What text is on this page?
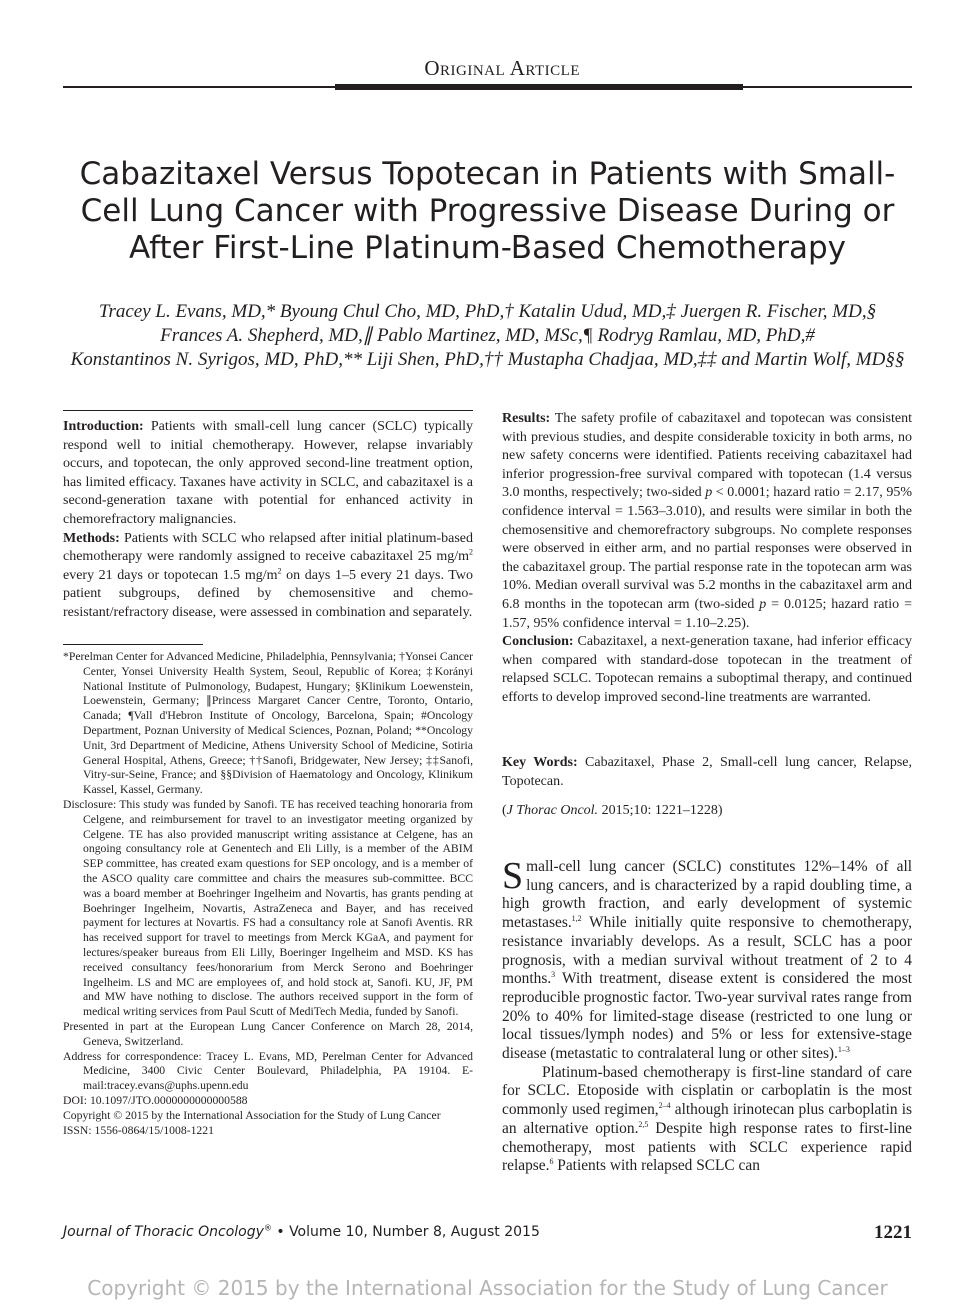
Original Article
Cabazitaxel Versus Topotecan in Patients with Small-Cell Lung Cancer with Progressive Disease During or After First-Line Platinum-Based Chemotherapy
Tracey L. Evans, MD,* Byoung Chul Cho, MD, PhD,† Katalin Udud, MD,‡ Juergen R. Fischer, MD,§
Frances A. Shepherd, MD,∥ Pablo Martinez, MD, MSc,¶ Rodryg Ramlau, MD, PhD,#
Konstantinos N. Syrigos, MD, PhD,** Liji Shen, PhD,†† Mustapha Chadjaa, MD,‡‡ and Martin Wolf, MD§§

Introduction: Patients with small-cell lung cancer (SCLC) typically respond well to initial chemotherapy. However, relapse invariably occurs, and topotecan, the only approved second-line treatment option, has limited efficacy. Taxanes have activity in SCLC, and cabazitaxel is a second-generation taxane with potential for enhanced activity in chemorefractory malignancies.

Methods: Patients with SCLC who relapsed after initial platinum-based chemotherapy were randomly assigned to receive cabazitaxel 25 $mg/m^2$ every 21 days or topotecan 1.5 $mg/m^2$ on days 1–5 every 21 days. Two patient subgroups, defined by chemosensitive and chemo-resistant/refractory disease, were assessed in combination and separately.

*Perelman Center for Advanced Medicine, Philadelphia, Pennsylvania; †Yonsei Cancer Center, Yonsei University Health System, Seoul, Republic of Korea; ‡Korányi National Institute of Pulmonology, Budapest, Hungary; §Klinikum Loewenstein, Loewenstein, Germany; ∥Princess Margaret Cancer Centre, Toronto, Ontario, Canada; ¶Vall d'Hebron Institute of Oncology, Barcelona, Spain; #Oncology Department, Poznan University of Medical Sciences, Poznan, Poland; **Oncology Unit, 3rd Department of Medicine, Athens University School of Medicine, Sotiria General Hospital, Athens, Greece; ††Sanofi, Bridgewater, New Jersey; ‡‡Sanofi, Vitry-sur-Seine, France; and §§Division of Haematology and Oncology, Klinikum Kassel, Kassel, Germany.

Disclosure: This study was funded by Sanofi. TE has received teaching honoraria from Celgene, and reimbursement for travel to an investigator meeting organized by Celgene. TE has also provided manuscript writing assistance at Celgene, has an ongoing consultancy role at Genentech and Eli Lilly, is a member of the ABIM SEP committee, has created exam questions for SEP oncology, and is a member of the ASCO quality care committee and chairs the measures sub-committee. BCC was a board member at Boehringer Ingelheim and Novartis, has grants pending at Boehringer Ingelheim, Novartis, AstraZeneca and Bayer, and has received payment for lectures at Novartis. FS had a consultancy role at Sanofi Aventis. RR has received support for travel to meetings from Merck KGaA, and payment for lectures/speaker bureaus from Eli Lilly, Boeringer Ingelheim and MSD. KS has received consultancy fees/honorarium from Merck Serono and Boehringer Ingelheim. LS and MC are employees of, and hold stock at, Sanofi. KU, JF, PM and MW have nothing to disclose. The authors received support in the form of medical writing services from Paul Scutt of MediTech Media, funded by Sanofi.

Presented in part at the European Lung Cancer Conference on March 28, 2014, Geneva, Switzerland.

Address for correspondence: Tracey L. Evans, MD, Perelman Center for Advanced Medicine, 3400 Civic Center Boulevard, Philadelphia, PA 19104. E-mail:tracey.evans@uphs.upenn.edu

DOI: 10.1097/JTO.0000000000000588

Copyright © 2015 by the International Association for the Study of Lung Cancer

ISSN: 1556-0864/15/1008-1221

Results: The safety profile of cabazitaxel and topotecan was consistent with previous studies, and despite considerable toxicity in both arms, no new safety concerns were identified. Patients receiving cabazitaxel had inferior progression-free survival compared with topotecan (1.4 versus 3.0 months, respectively; two-sided p < 0.0001; hazard ratio = 2.17, 95% confidence interval = 1.563–3.010), and results were similar in both the chemosensitive and chemorefractory subgroups. No complete responses were observed in either arm, and no partial responses were observed in the cabazitaxel group. The partial response rate in the topotecan arm was 10%. Median overall survival was 5.2 months in the cabazitaxel arm and 6.8 months in the topotecan arm (two-sided p = 0.0125; hazard ratio = 1.57, 95% confidence interval = 1.10–2.25).

Conclusion: Cabazitaxel, a next-generation taxane, had inferior efficacy when compared with standard-dose topotecan in the treatment of relapsed SCLC. Topotecan remains a suboptimal therapy, and continued efforts to develop improved second-line treatments are warranted.

Key Words: Cabazitaxel, Phase 2, Small-cell lung cancer, Relapse, Topotecan.
(J Thorac Oncol. 2015;10: 1221–1228)

Small-cell lung cancer (SCLC) constitutes 12%–14% of all lung cancers, and is characterized by a rapid doubling time, a high growth fraction, and early development of systemic metastases.$^{1,2}$ While initially quite responsive to chemotherapy, resistance invariably develops. As a result, SCLC has a poor prognosis, with a median survival without treatment of 2 to 4 months.$^3$ With treatment, disease extent is considered the most reproducible prognostic factor. Two-year survival rates range from 20% to 40% for limited-stage disease (restricted to one lung or local tissues/lymph nodes) and 5% or less for extensive-stage disease (metastatic to contralateral lung or other sites).$^{1-3}$

Platinum-based chemotherapy is first-line standard of care for SCLC. Etoposide with cisplatin or carboplatin is the most commonly used regimen,$^{2-4}$ although irinotecan plus carboplatin is an alternative option.$^{2,5}$ Despite high response rates to first-line chemotherapy, most patients with SCLC experience rapid relapse.$^6$ Patients with relapsed SCLC can

Journal of Thoracic Oncology® • Volume 10, Number 8, August 2015	1221
Copyright © 2015 by the International Association for the Study of Lung Cancer
